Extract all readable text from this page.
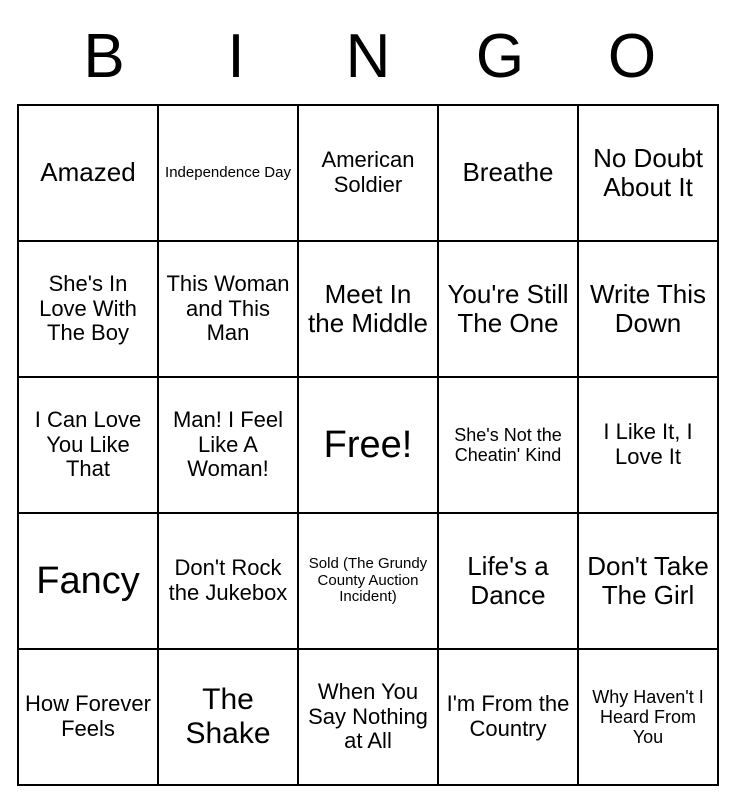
B	I	N	G	O
Amazed	Independence Day	American Soldier	Breathe	No Doubt About It

She's In Love With The Boy	This Woman and This Man	Meet In the Middle	You're Still The One	Write This Down

I Can Love You Like That	Man! I Feel Like A Woman!	Free!	She's Not the Cheatin' Kind	I Like It, I Love It

Fancy	Don't Rock the Jukebox	Sold (The Grundy County Auction Incident)	Life's a Dance	Don't Take The Girl

How Forever Feels	The Shake	When You Say Nothing at All	I'm From the Country	Why Haven't I Heard From You
